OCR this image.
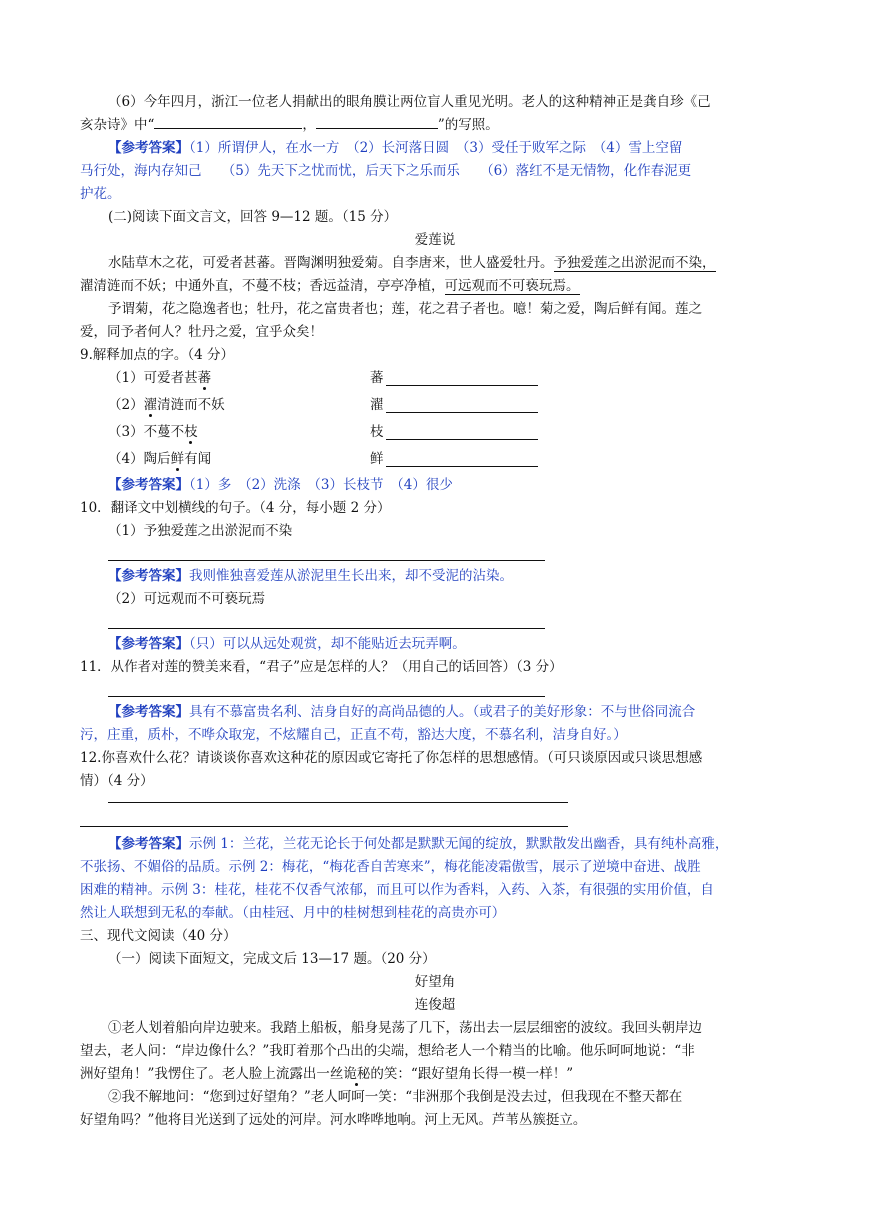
（6）今年四月，浙江一位老人捐献出的眼角膜让两位盲人重见光明。老人的这种精神正是龚自珍《己
亥杂诗》中“	，	”的写照。
【参考答案】（1）所谓伊人，在水一方　（2）长河落日圆　（3）受任于败军之际　（4）雪上空留
马行处，海内存知己　　（5）先天下之忧而忧，后天下之乐而乐　　（6）落红不是无情物，化作春泥更
护花。
(二)阅读下面文言文，回答 9—12 题。（15 分）
爱莲说
水陆草木之花，可爱者甚蕃。晋陶渊明独爱菊。自李唐来，世人盛爱牡丹。予独爱莲之出淤泥而不染，
濯清涟而不妖；中通外直，不蔓不枝；香远益清，亭亭净植，可远观而不可亵玩焉。
予谓菊，花之隐逸者也；牡丹，花之富贵者也；莲，花之君子者也。噫！菊之爱，陶后鲜有闻。莲之
爱，同予者何人？牡丹之爱，宜乎众矣！
9.解释加点的字。（4 分）
（1）可爱者甚蕃	蕃
（2）濯清涟而不妖	濯
（3）不蔓不枝	枝
（4）陶后鲜有闻	鲜
【参考答案】（1）多　（2）洗涤　（3）长枝节　（4）很少
10．翻译文中划横线的句子。（4 分，每小题 2 分）
（1）予独爱莲之出淤泥而不染
【参考答案】我则惟独喜爱莲从淤泥里生长出来，却不受泥的沾染。
（2）可远观而不可亵玩焉
【参考答案】（只）可以从远处观赏，却不能贴近去玩弄啊。
11．从作者对莲的赞美来看，“君子”应是怎样的人？（用自己的话回答）（3 分）
【参考答案】具有不慕富贵名利、洁身自好的高尚品德的人。（或君子的美好形象：不与世俗同流合
污，庄重，质朴，不哗众取宠，不炫耀自己，正直不苟，豁达大度，不慕名利，洁身自好。）
12.你喜欢什么花？请谈谈你喜欢这种花的原因或它寄托了你怎样的思想感情。（可只谈原因或只谈思想感
情）（4 分）
【参考答案】示例 1：兰花，兰花无论长于何处都是默默无闻的绽放，默默散发出幽香，具有纯朴高雅，
不张扬、不媚俗的品质。示例 2：梅花，“梅花香自苦寒来”，梅花能凌霜傲雪，展示了逆境中奋进、战胜
困难的精神。示例 3：桂花，桂花不仅香气浓郁，而且可以作为香料，入药、入茶，有很强的实用价值，自
然让人联想到无私的奉献。（由桂冠、月中的桂树想到桂花的高贵亦可）
三、现代文阅读（40 分）
（一）阅读下面短文，完成文后 13—17 题。（20 分）
好望角
连俊超
①老人划着船向岸边驶来。我踏上船板，船身晃荡了几下，荡出去一层层细密的波纹。我回头朝岸边
望去，老人问：“岸边像什么？”我盯着那个凸出的尖端，想给老人一个精当的比喻。他乐呵呵地说：“非
洲好望角！”我愣住了。老人脸上流露出一丝诡秘的笑：“跟好望角长得一模一样！”
②我不解地问：“您到过好望角？”老人呵呵一笑：“非洲那个我倒是没去过，但我现在不整天都在
好望角吗？”他将目光送到了远处的河岸。河水哗哗地响。河上无风。芦苇丛簇挺立。
